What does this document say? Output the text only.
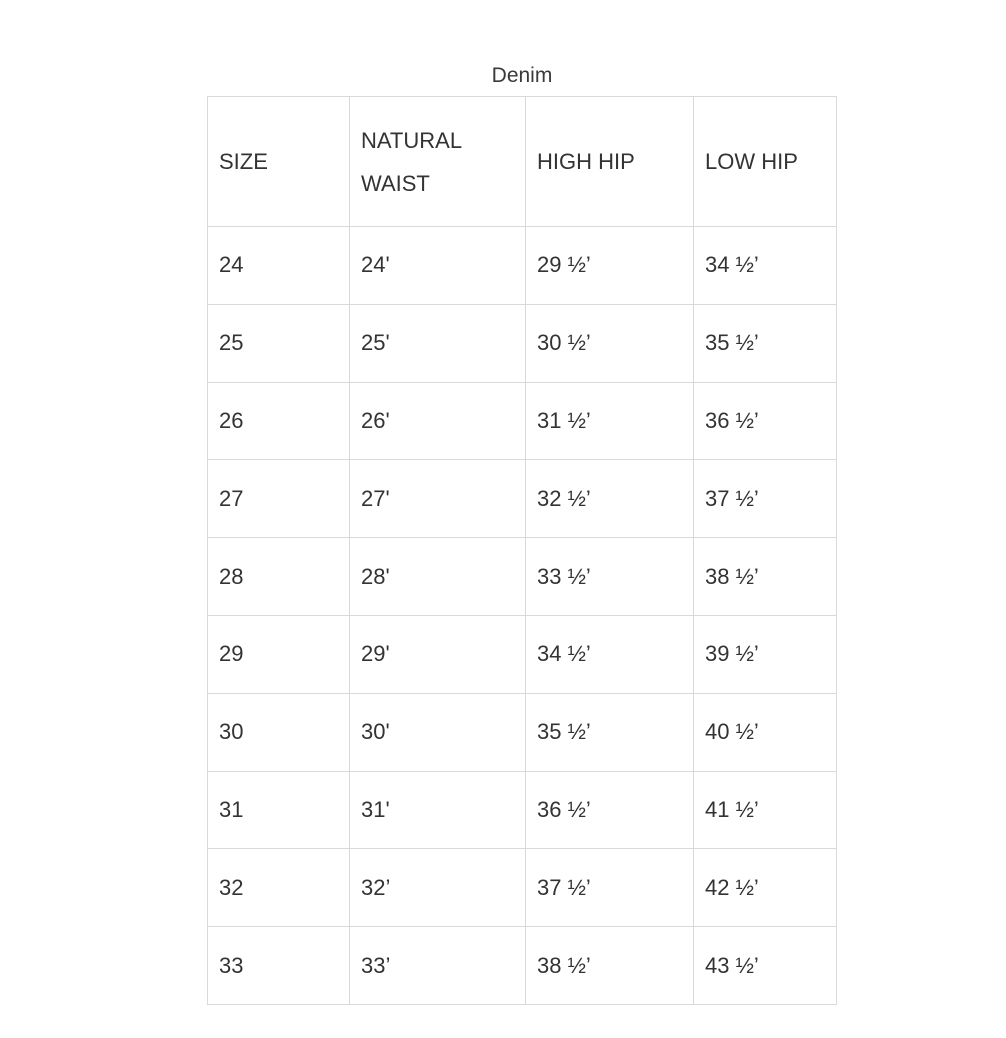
Denim
SIZE	NATURAL WAIST	HIGH HIP	LOW HIP

24	24'	29 ½’	34 ½’
25	25'	30 ½’	35 ½’
26	26'	31 ½’	36 ½’
27	27'	32 ½’	37 ½’
28	28'	33 ½’	38 ½’
29	29'	34 ½’	39 ½’
30	30'	35 ½’	40 ½’
31	31'	36 ½’	41 ½’
32	32’	37 ½’	42 ½’
33	33’	38 ½’	43 ½’
